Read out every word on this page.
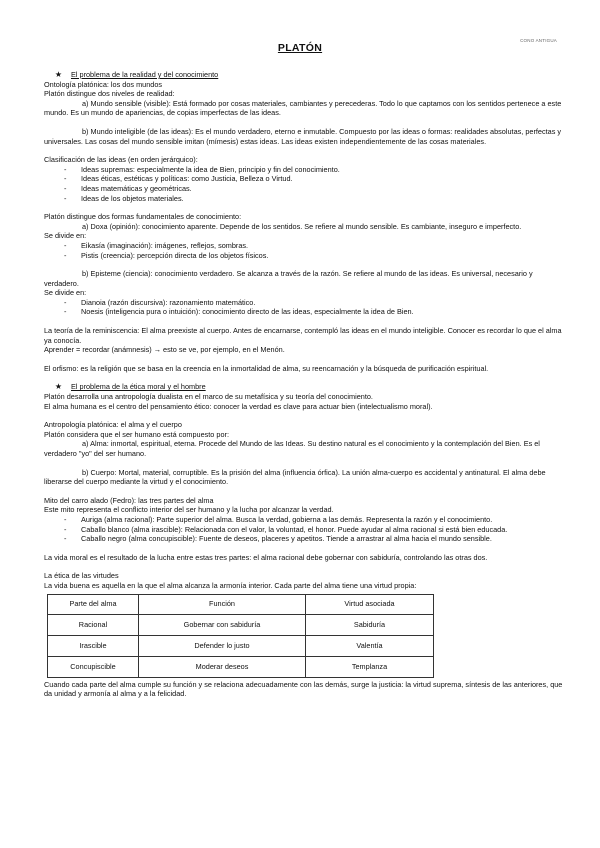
CONO ANTIGUA
PLATÓN
★	El problema de la realidad y del conocimiento

Ontología platónica: los dos mundos

Platón distingue dos niveles de realidad:

a) Mundo sensible (visible): Está formado por cosas materiales, cambiantes y perecederas. Todo lo que captamos con los sentidos pertenece a este mundo. Es un mundo de apariencias, de copias imperfectas de las ideas.

b) Mundo inteligible (de las ideas): Es el mundo verdadero, eterno e inmutable. Compuesto por las ideas o formas: realidades absolutas, perfectas y universales. Las cosas del mundo sensible imitan (mímesis) estas ideas. Las ideas existen independientemente de las cosas materiales.

Clasificación de las ideas (en orden jerárquico):

- Ideas supremas: especialmente la idea de Bien, principio y fin del conocimiento.
- Ideas éticas, estéticas y políticas: como Justicia, Belleza o Virtud.
- Ideas matemáticas y geométricas.
- Ideas de los objetos materiales.

Platón distingue dos formas fundamentales de conocimiento:

a) Doxa (opinión): conocimiento aparente. Depende de los sentidos. Se refiere al mundo sensible. Es cambiante, inseguro e imperfecto.

Se divide en:

- Eikasía (imaginación): imágenes, reflejos, sombras.
- Pistis (creencia): percepción directa de los objetos físicos.

b) Episteme (ciencia): conocimiento verdadero. Se alcanza a través de la razón. Se refiere al mundo de las ideas. Es universal, necesario y verdadero.

Se divide en:

- Dianoia (razón discursiva): razonamiento matemático.
- Noesis (inteligencia pura o intuición): conocimiento directo de las ideas, especialmente la idea de Bien.

La teoría de la reminiscencia: El alma preexiste al cuerpo. Antes de encarnarse, contempló las ideas en el mundo inteligible. Conocer es recordar lo que el alma ya conocía.

Aprender = recordar (anámnesis) → esto se ve, por ejemplo, en el Menón.

El orfismo: es la religión que se basa en la creencia en la inmortalidad de alma, su reencarnación y la búsqueda de purificación espiritual.

★	El problema de la ética moral y el hombre

Platón desarrolla una antropología dualista en el marco de su metafísica y su teoría del conocimiento.

El alma humana es el centro del pensamiento ético: conocer la verdad es clave para actuar bien (intelectualismo moral).

Antropología platónica: el alma y el cuerpo

Platón considera que el ser humano está compuesto por:

a) Alma: inmortal, espiritual, eterna. Procede del Mundo de las Ideas. Su destino natural es el conocimiento y la contemplación del Bien. Es el verdadero "yo" del ser humano.

b) Cuerpo: Mortal, material, corruptible. Es la prisión del alma (influencia órfica). La unión alma-cuerpo es accidental y antinatural. El alma debe liberarse del cuerpo mediante la virtud y el conocimiento.

Mito del carro alado (Fedro): las tres partes del alma

Este mito representa el conflicto interior del ser humano y la lucha por alcanzar la verdad.

- Auriga (alma racional): Parte superior del alma. Busca la verdad, gobierna a las demás. Representa la razón y el conocimiento.
- Caballo blanco (alma irascible): Relacionada con el valor, la voluntad, el honor. Puede ayudar al alma racional si está bien educada.
- Caballo negro (alma concupiscible): Fuente de deseos, placeres y apetitos. Tiende a arrastrar al alma hacia el mundo sensible.

La vida moral es el resultado de la lucha entre estas tres partes: el alma racional debe gobernar con sabiduría, controlando las otras dos.

La ética de las virtudes

La vida buena es aquella en la que el alma alcanza la armonía interior. Cada parte del alma tiene una virtud propia:

Parte del alma	Función	Virtud asociada
Racional	Gobernar con sabiduría	Sabiduría
Irascible	Defender lo justo	Valentía
Concupiscible	Moderar deseos	Templanza

Cuando cada parte del alma cumple su función y se relaciona adecuadamente con las demás, surge la justicia: la virtud suprema, síntesis de las anteriores, que da unidad y armonía al alma y a la felicidad.
